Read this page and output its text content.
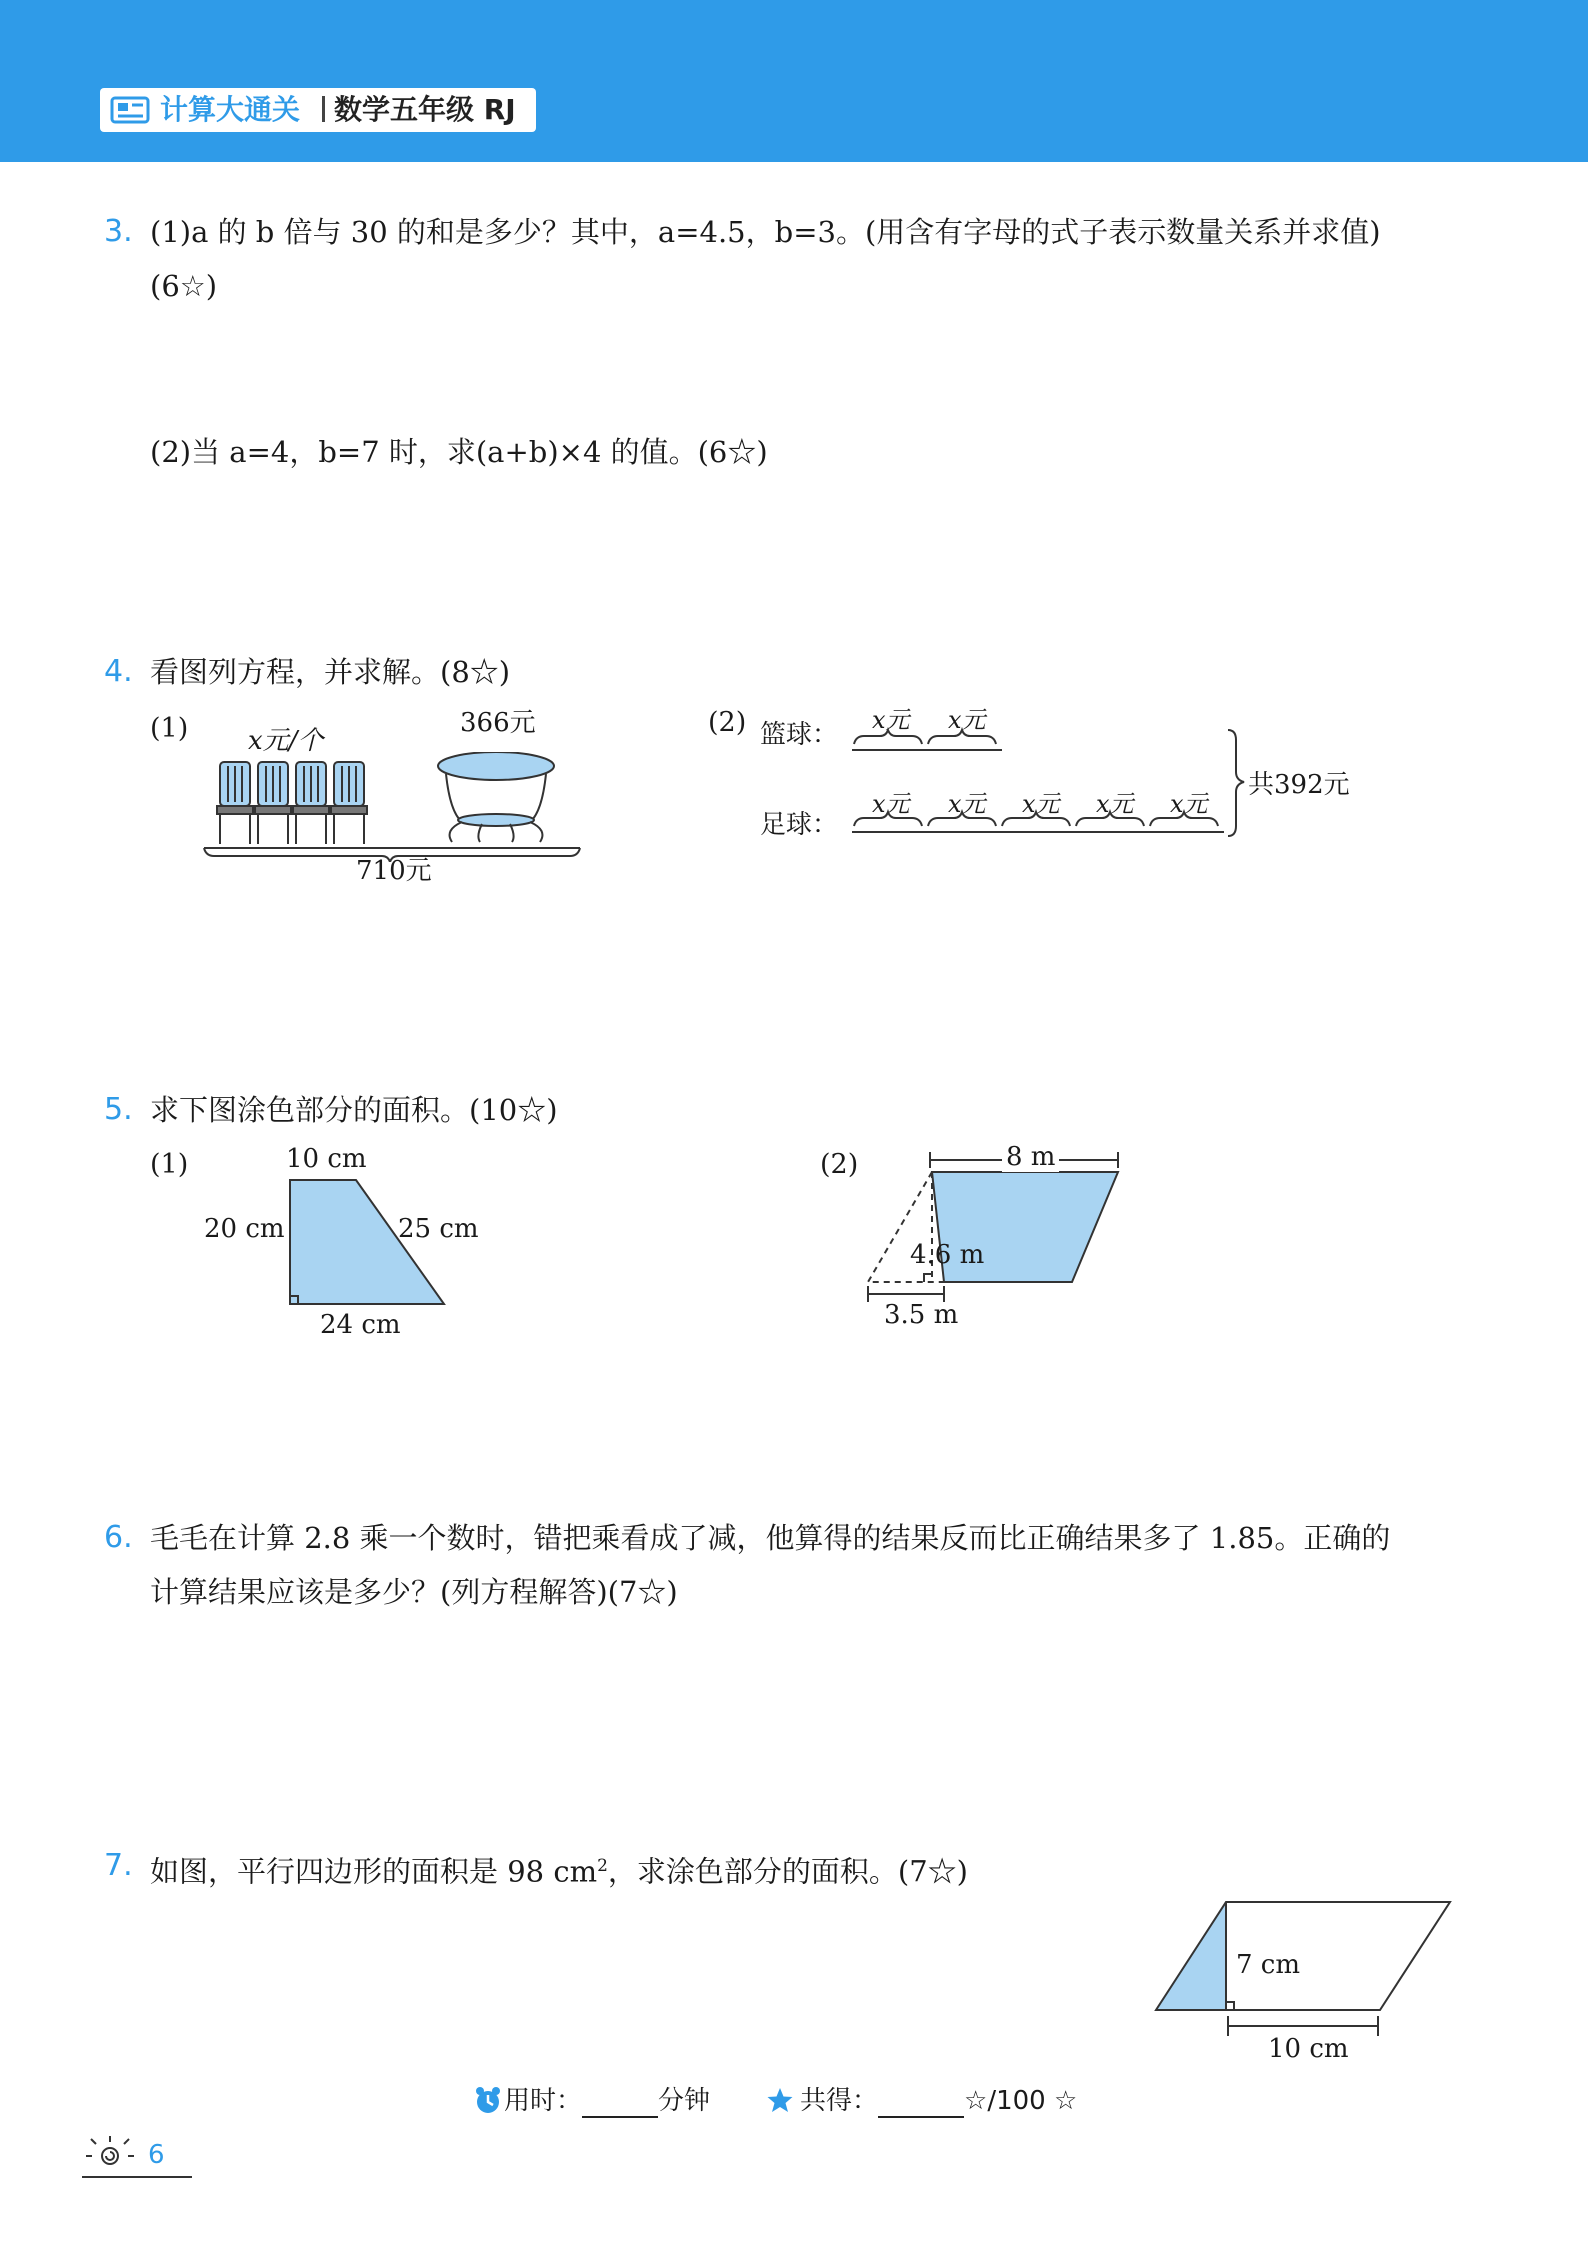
计算大通关 数学五年级 RJ
3. (1)a 的 b 倍与 30 的和是多少？其中，a=4.5，b=3。(用含有字母的式子表示数量关系并求值)
(6☆)
(2)当 a=4，b=7 时，求(a+b)×4 的值。(6☆)
4. 看图列方程，并求解。(8☆)
(1) x元/个
366元
710元
(2) 篮球：
足球：
x元 x元
x元 x元 x元 x元 x元
共392元
5. 求下图涂色部分的面积。(10☆)
(1)	10 cm
20 cm	25 cm
24 cm
(2)	8 m
4.6 m
3.5 m
6. 毛毛在计算 2.8 乘一个数时，错把乘看成了减，他算得的结果反而比正确结果多了 1.85。正确的
计算结果应该是多少？(列方程解答)(7☆)
7. 如图，平行四边形的面积是 98 $cm^2$，求涂色部分的面积。(7☆)
7 cm
10 cm
用时：	分钟	共得：	☆/100 ☆
6
